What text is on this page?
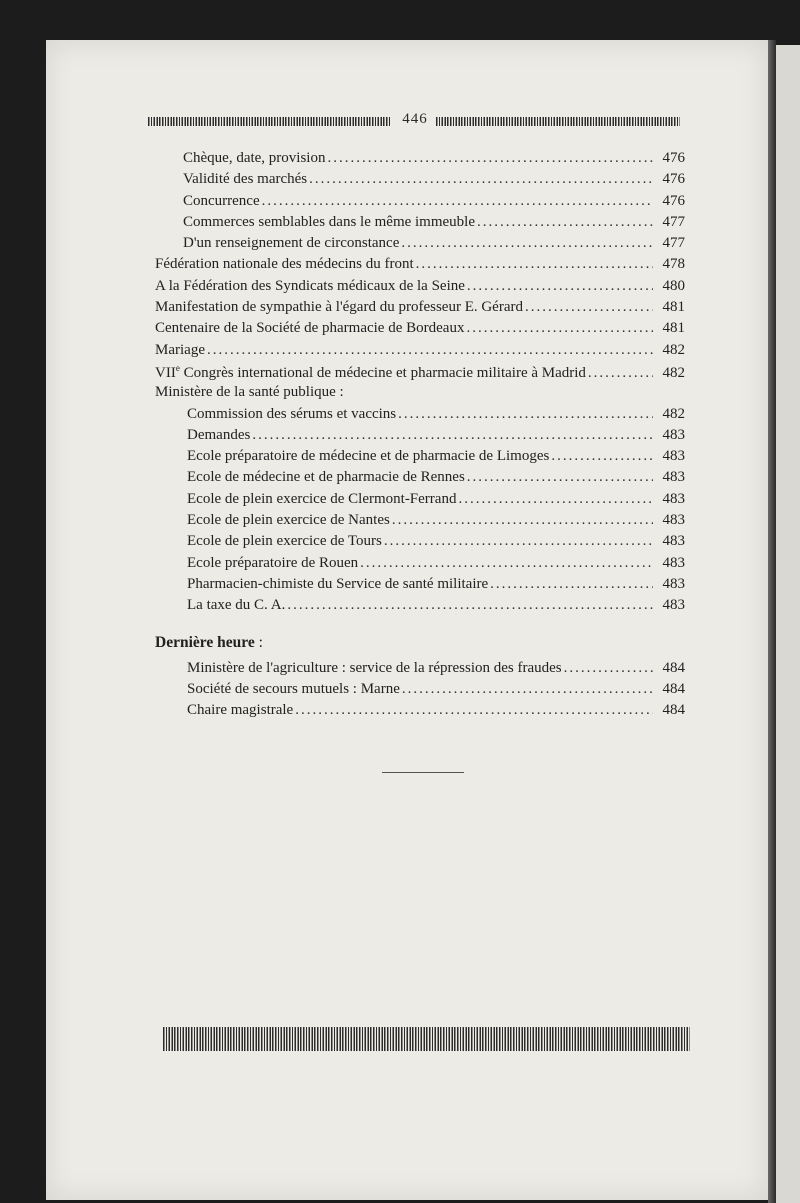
446
Chèque, date, provision .....	476
Validité des marchés .....	476
Concurrence .....	476
Commerces semblables dans le même immeuble .....	477
D'un renseignement de circonstance .....	477
Fédération nationale des médecins du front .....	478
A la Fédération des Syndicats médicaux de la Seine .....	480
Manifestation de sympathie à l'égard du professeur E. Gérard .....	481
Centenaire de la Société de pharmacie de Bordeaux .....	481
Mariage .....	482
VIIe Congrès international de médecine et pharmacie militaire à Madrid .....	482
Ministère de la santé publique :
Commission des sérums et vaccins .....	482
Demandes .....	483
Ecole préparatoire de médecine et de pharmacie de Limoges .....	483
Ecole de médecine et de pharmacie de Rennes .....	483
Ecole de plein exercice de Clermont-Ferrand .....	483
Ecole de plein exercice de Nantes .....	483
Ecole de plein exercice de Tours .....	483
Ecole préparatoire de Rouen .....	483
Pharmacien-chimiste du Service de santé militaire .....	483
La taxe du C. A. .....	483
Dernière heure :
Ministère de l'agriculture : service de la répression des fraudes .....	484
Société de secours mutuels : Marne .....	484
Chaire magistrale .....	484
